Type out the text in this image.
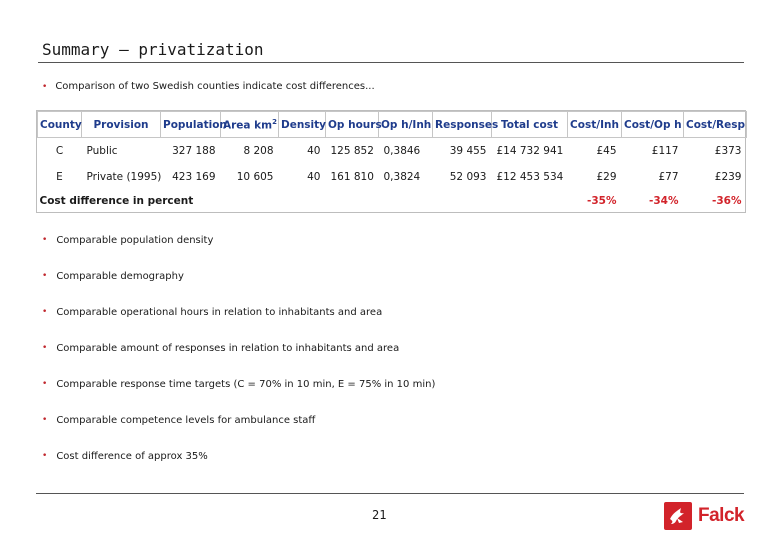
Summary – privatization
• Comparison of two Swedish counties indicate cost differences...
County	Provision	Population	Area $km^2$	Density	Op hours	Op h/Inh	Responses	Total cost	Cost/Inh	Cost/Op h	Cost/Resp
C	Public	327 188	8 208	40	125 852	0,3846	39 455	£14 732 941	£45	£117	£373
E	Private (1995)	423 169	10 605	40	161 810	0,3824	52 093	£12 453 534	£29	£77	£239
Cost difference in percent									-35%	-34%	-36%
• Comparable population density
• Comparable demography
• Comparable operational hours in relation to inhabitants and area
• Comparable amount of responses in relation to inhabitants and area
• Comparable response time targets (C = 70% in 10 min, E = 75% in 10 min)
• Comparable competence levels for ambulance staff
• Cost difference of approx 35%
21	Falck
